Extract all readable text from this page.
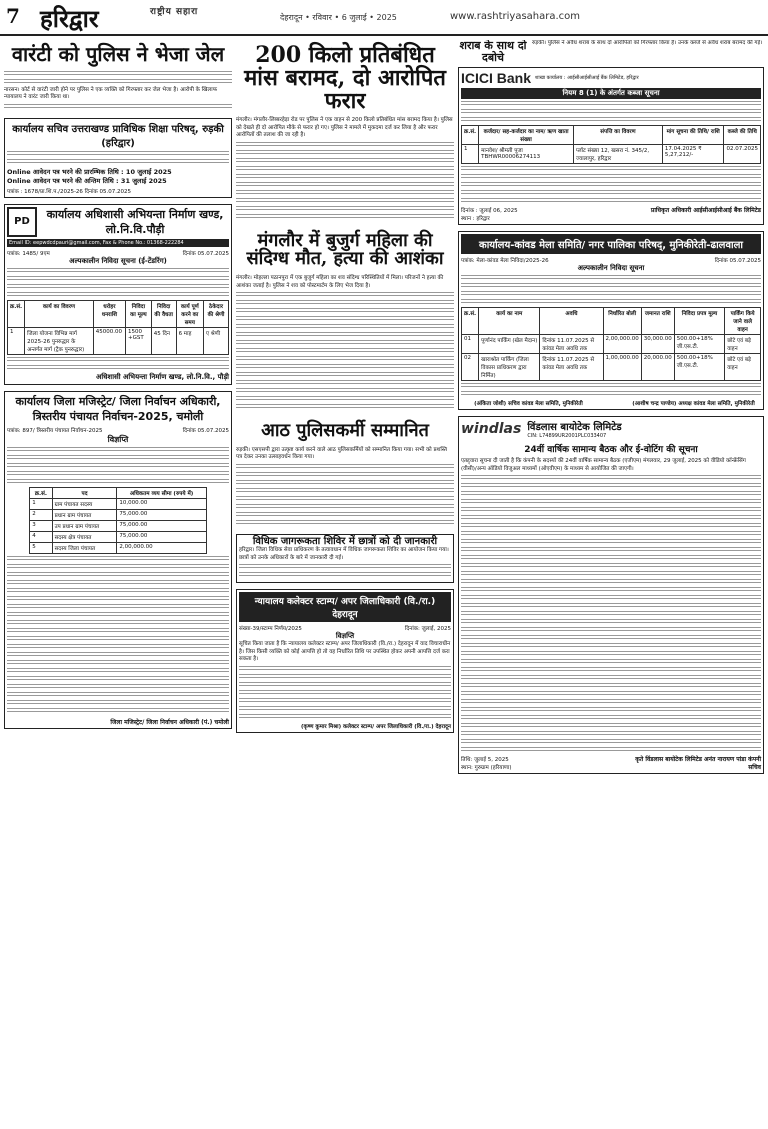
7 हरिद्वार	राष्ट्रीय सहारा
देहरादून • रविवार • 6 जुलाई • 2025	www.rashtriyasahara.com
वारंटी को पुलिस ने भेजा जेल
नारसन। कोर्ट से वारंटी जारी होने पर पुलिस ने एक व्यक्ति को गिरफ्तार कर जेल भेजा है। आरोपी के खिलाफ न्यायालय ने वारंट जारी किया था।
कार्यालय सचिव उत्तराखण्ड प्राविधिक शिक्षा परिषद्, रुड़की (हरिद्वार)
Online आवेदन पत्र भरने की प्रारम्भिक तिथि : 10 जुलाई 2025
Online आवेदन पत्र भरने की अन्तिम तिथि : 31 जुलाई 2025
पत्रांक : 1678/प्रा.शि.प./2025-26 दिनांक 05.07.2025
PD
कार्यालय अधिशासी अभियन्ता निर्माण खण्ड, लो.नि.वि.पौड़ी
Email ID: eepwdcdpauri@gmail.com, Fax & Phone No.: 01368-222284
पत्रांक: 1485/ 9एम	दिनांक 05.07.2025
अल्पकालीन निविदा सूचना (ई-टेंडरिंग)
क्र.सं.	कार्य का विवरण	धरोहर धनराशि	निविदा का मूल्य	निविदा की वैधता	कार्य पूर्ण करने का समय	ठेकेदार की श्रेणी
1	जिला योजना विभिन्न मार्ग 2025-26 पुनरुद्धार के अन्तर्गत मार्ग (ट्रैक पुनरुद्धार)	45000.00	1500 +GST	45 दिन	6 माह	ए श्रेणी
अधिशासी अभियन्ता निर्माण खण्ड, लो.नि.वि., पौड़ी
कार्यालय जिला मजिस्ट्रेट/ जिला निर्वाचन अधिकारी, त्रिस्तरीय पंचायत निर्वाचन-2025, चमोली
पत्रांक: 897/ त्रिस्तरीय पंचायत निर्वाचन-2025	दिनांक 05.07.2025
विज्ञप्ति
क्र.सं.	पद	अधिकतम व्यय सीमा (रुपये में)
1	ग्राम पंचायत सदस्य	10,000.00
2	प्रधान ग्राम पंचायत	75,000.00
3	उप प्रधान ग्राम पंचायत	75,000.00
4	सदस्य क्षेत्र पंचायत	75,000.00
5	सदस्य जिला पंचायत	2,00,000.00
जिला मजिस्ट्रेट/ जिला निर्वाचन अधिकारी (पं.) चमोली
200 किलो प्रतिबंधित मांस बरामद, दो आरोपित फरार
मंगलौर। मंगलौर-लिब्बरहेड़ा रोड पर पुलिस ने एक वाहन से 200 किलो प्रतिबंधित मांस बरामद किया है। पुलिस को देखते ही दो आरोपित मौके से फरार हो गए। पुलिस ने मामले में मुकदमा दर्ज कर लिया है और फरार आरोपितों की तलाश की जा रही है।
मंगलौर में बुजुर्ग महिला की संदिग्ध मौत, हत्या की आशंका
मंगलौर। मोहल्ला पठानपुरा में एक बुजुर्ग महिला का शव संदिग्ध परिस्थितियों में मिला। परिजनों ने हत्या की आशंका जताई है। पुलिस ने शव को पोस्टमार्टम के लिए भेज दिया है।
आठ पुलिसकर्मी सम्मानित
रुड़की। एसएसपी द्वारा उत्कृष्ट कार्य करने वाले आठ पुलिसकर्मियों को सम्मानित किया गया। सभी को प्रशस्ति पत्र देकर उनका उत्साहवर्धन किया गया।
विधिक जागरूकता शिविर में छात्रों को दी जानकारी
हरिद्वार। जिला विधिक सेवा प्राधिकरण के तत्वावधान में विधिक जागरूकता शिविर का आयोजन किया गया। छात्रों को उनके अधिकारों के बारे में जानकारी दी गई।
न्यायालय कलेक्टर स्टाम्प/ अपर जिलाधिकारी (वि./रा.) देहरादून
संख्या-39/स्टाम्प निर्णय/2025	दिनांक: जुलाई, 2025
विज्ञप्ति
सूचित किया जाता है कि न्यायालय कलेक्टर स्टाम्प/ अपर जिलाधिकारी (वि./रा.) देहरादून में वाद विचाराधीन है। जिस किसी व्यक्ति को कोई आपत्ति हो तो वह निर्धारित तिथि पर उपस्थित होकर अपनी आपत्ति दर्ज करा सकता है।
(कृष्ण कुमार मिश्रा) कलेक्टर स्टाम्प/ अपर जिलाधिकारी (वि./रा.) देहरादून
शराब के साथ दो दबोचे
रुड़की। पुलिस ने अवैध शराब के साथ दो आरोपितों को गिरफ्तार किया है। उनके कब्जे से अवैध शराब बरामद की गई।
ICICI Bank शाखा कार्यालय : आईसीआईसीआई बैंक लिमिटेड, हरिद्वार
नियम 8 (1) के अंतर्गत कब्जा सूचना
क्र.सं.	कर्जदार/ सह-कर्जदार का नाम/ ऋण खाता संख्या	संपत्ति का विवरण	मांग सूचना की तिथि/ राशि	कब्जे की तिथि
1	मानवेश/ श्रीमती पूजा TBHWR00006274113	प्लॉट संख्या 12, खसरा नं. 345/2, ज्वालापुर, हरिद्वार	17.04.2025 ₹ 5,27,212/-	02.07.2025
दिनांक : जुलाई 06, 2025
स्थान : हरिद्वार
प्राधिकृत अधिकारी आईसीआईसीआई बैंक लिमिटेड
कार्यालय-कांवड मेला समिति/ नगर पालिका परिषद्, मुनिकीरेती-ढालवाला
पत्रांक: मेला-कांवड मेला निविदा/2025-26	दिनांक 05.07.2025
अल्पकालीन निविदा सूचना
क्र.सं.	कार्य का नाम	अवधि	निर्धारित बोली	जमानत राशि	निविदा प्रपत्र मूल्य	पार्किंग किये जाने वाले वाहन
01	पूर्णानंद पार्किंग (खेल मैदान)	दिनांक 11.07.2025 से कांवड मेला अवधि तक	2,00,000.00	30,000.00	500.00+18% जी.एस.टी.	छोटे एवं बड़े वाहन
02	खाराश्रोत पार्किंग (जिला विकास प्राधिकरण द्वारा निर्मित)	दिनांक 11.07.2025 से कांवड मेला अवधि तक	1,00,000.00	20,000.00	500.00+18% जी.एस.टी.	छोटे एवं बड़े वाहन
(अंकिता जोशी) सचिव कांवड मेला समिति, मुनिकीरेती	(आशीष चन्द्र पाण्डेय) अध्यक्ष कांवड मेला समिति, मुनिकीरेती
windlas विंडलास बायोटेक लिमिटेड
CIN: L74899UR2001PLC033407
24वीं वार्षिक सामान्य बैठक और ई-वोटिंग की सूचना
एतद्द्वारा सूचना दी जाती है कि कंपनी के सदस्यों की 24वीं वार्षिक सामान्य बैठक (एजीएम) मंगलवार, 29 जुलाई, 2025 को वीडियो कॉन्फ्रेंसिंग (वीसी)/अन्य ऑडियो विजुअल माध्यमों (ओएवीएम) के माध्यम से आयोजित की जाएगी।
तिथि: जुलाई 5, 2025
स्थान: गुरुग्राम (हरियाणा)
कृते विंडलास बायोटेक लिमिटेड अनंत नारायण पांडा कंपनी सचिव
